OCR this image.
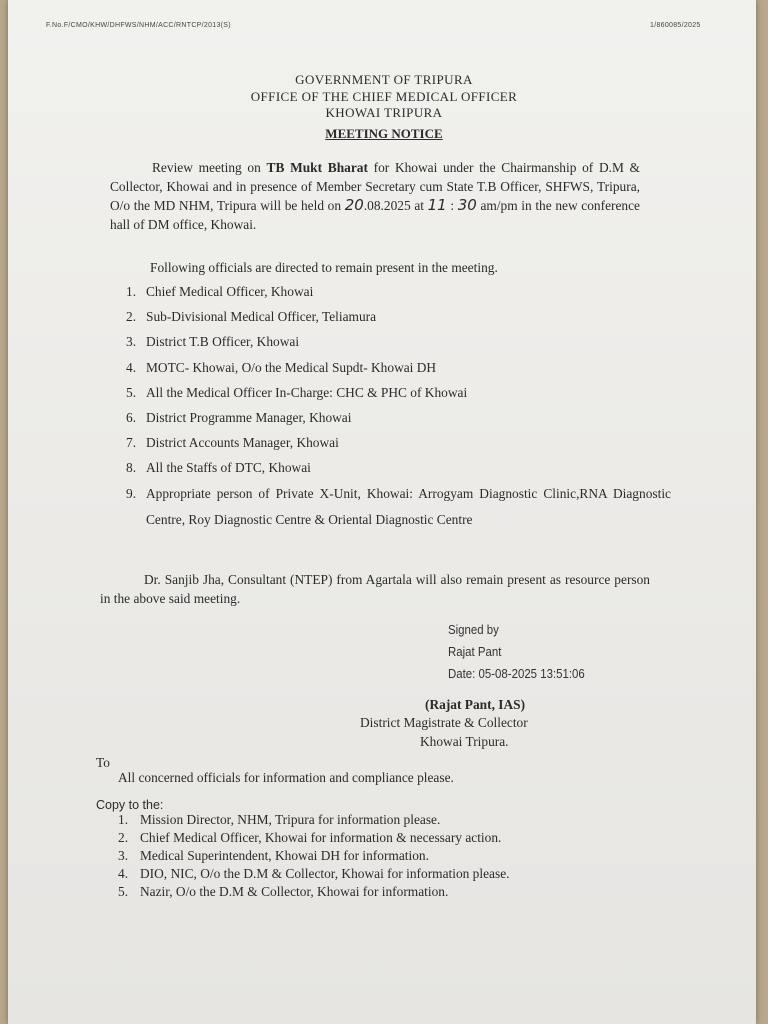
F.No.F/CMO/KHW/DHFWS/NHM/ACC/RNTCP/2013(S)	1/860085/2025
GOVERNMENT OF TRIPURA
OFFICE OF THE CHIEF MEDICAL OFFICER
KHOWAI TRIPURA
MEETING NOTICE
Review meeting on TB Mukt Bharat for Khowai under the Chairmanship of D.M & Collector, Khowai and in presence of Member Secretary cum State T.B Officer, SHFWS, Tripura, O/o the MD NHM, Tripura will be held on 20.08.2025 at 11 : 30 am/pm in the new conference hall of DM office, Khowai.
Following officials are directed to remain present in the meeting.
1. Chief Medical Officer, Khowai
2. Sub-Divisional Medical Officer, Teliamura
3. District T.B Officer, Khowai
4. MOTC- Khowai, O/o the Medical Supdt- Khowai DH
5. All the Medical Officer In-Charge: CHC & PHC of Khowai
6. District Programme Manager, Khowai
7. District Accounts Manager, Khowai
8. All the Staffs of DTC, Khowai
9. Appropriate person of Private X-Unit, Khowai: Arrogyam Diagnostic Clinic,RNA Diagnostic Centre, Roy Diagnostic Centre & Oriental Diagnostic Centre
Dr. Sanjib Jha, Consultant (NTEP) from Agartala will also remain present as resource person in the above said meeting.
Signed by
Rajat Pant
Date: 05-08-2025 13:51:06
(Rajat Pant, IAS)
District Magistrate & Collector
Khowai Tripura.
To
All concerned officials for information and compliance please.
Copy to the:
1. Mission Director, NHM, Tripura for information please.
2. Chief Medical Officer, Khowai for information & necessary action.
3. Medical Superintendent, Khowai DH for information.
4. DIO, NIC, O/o the D.M & Collector, Khowai for information please.
5. Nazir, O/o the D.M & Collector, Khowai for information.
